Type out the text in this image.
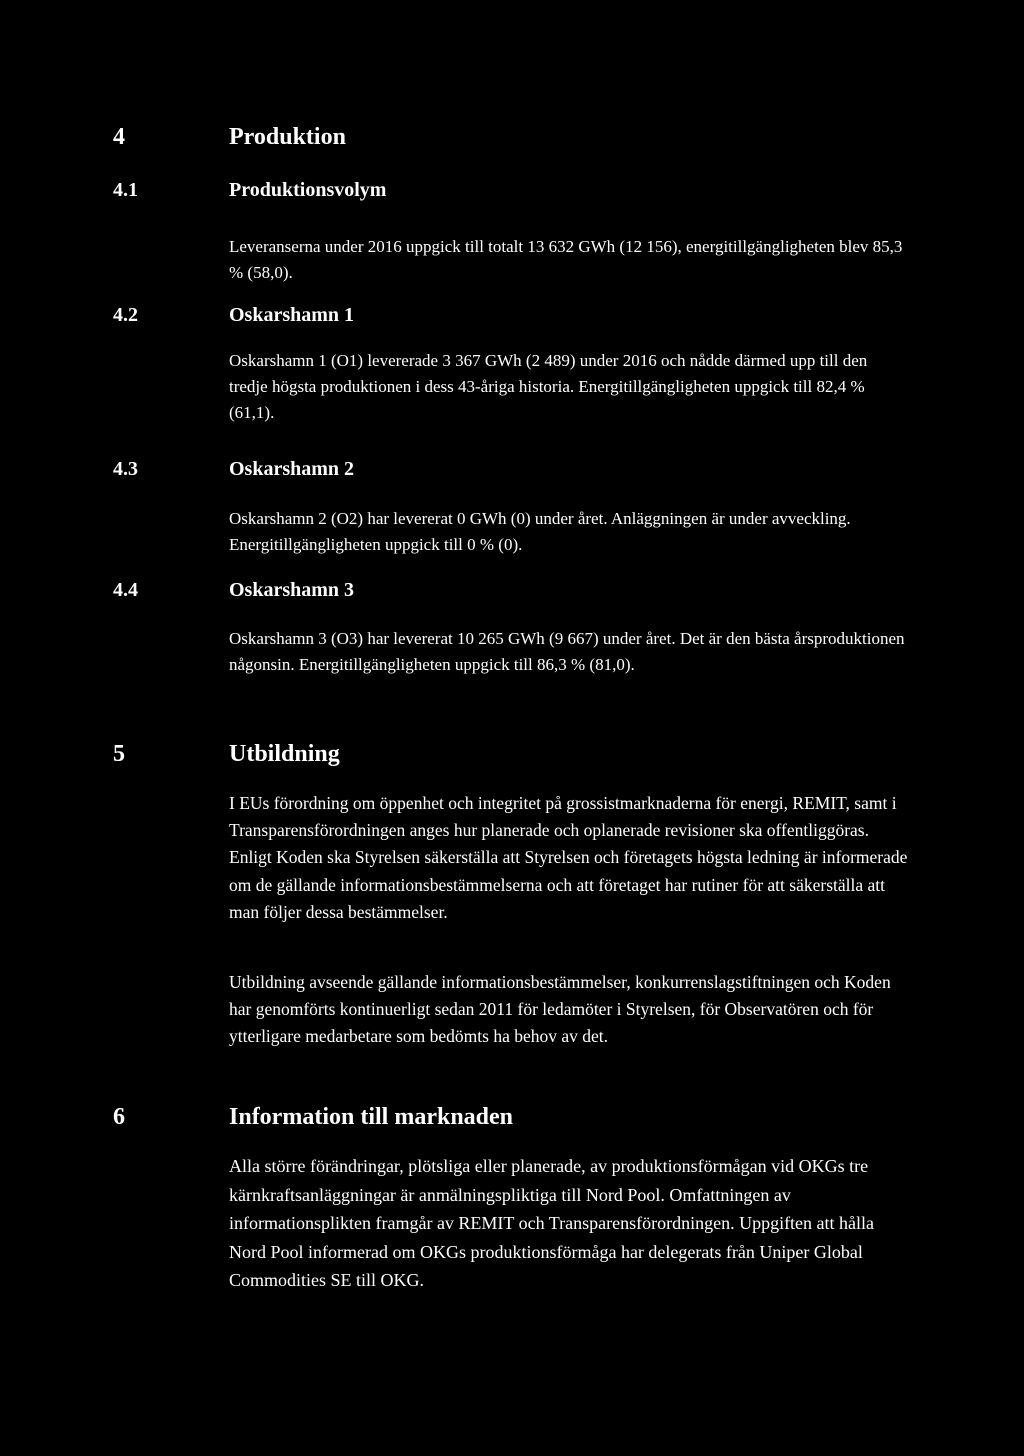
4	Produktion
4.1	Produktionsvolym
Leveranserna under 2016 uppgick till totalt 13 632 GWh (12 156), energitillgängligheten blev 85,3 % (58,0).
4.2	Oskarshamn 1
Oskarshamn 1 (O1) levererade 3 367 GWh (2 489) under 2016 och nådde därmed upp till den tredje högsta produktionen i dess 43-åriga historia. Energitillgängligheten uppgick till 82,4 % (61,1).
4.3	Oskarshamn 2
Oskarshamn 2 (O2) har levererat 0 GWh (0) under året. Anläggningen är under avveckling. Energitillgängligheten uppgick till 0 % (0).
4.4	Oskarshamn 3
Oskarshamn 3 (O3) har levererat 10 265 GWh (9 667) under året. Det är den bästa årsproduktionen någonsin. Energitillgängligheten uppgick till 86,3 % (81,0).
5	Utbildning
I EUs förordning om öppenhet och integritet på grossistmarknaderna för energi, REMIT, samt i Transparensförordningen anges hur planerade och oplanerade revisioner ska offentliggöras. Enligt Koden ska Styrelsen säkerställa att Styrelsen och företagets högsta ledning är informerade om de gällande informationsbestämmelserna och att företaget har rutiner för att säkerställa att man följer dessa bestämmelser.
Utbildning avseende gällande informationsbestämmelser, konkurrenslagstiftningen och Koden har genomförts kontinuerligt sedan 2011 för ledamöter i Styrelsen, för Observatören och för ytterligare medarbetare som bedömts ha behov av det.
6	Information till marknaden
Alla större förändringar, plötsliga eller planerade, av produktionsförmågan vid OKGs tre kärnkraftsanläggningar är anmälningspliktiga till Nord Pool. Omfattningen av informationsplikten framgår av REMIT och Transparensförordningen. Uppgiften att hålla Nord Pool informerad om OKGs produktionsförmåga har delegerats från Uniper Global Commodities SE till OKG.
